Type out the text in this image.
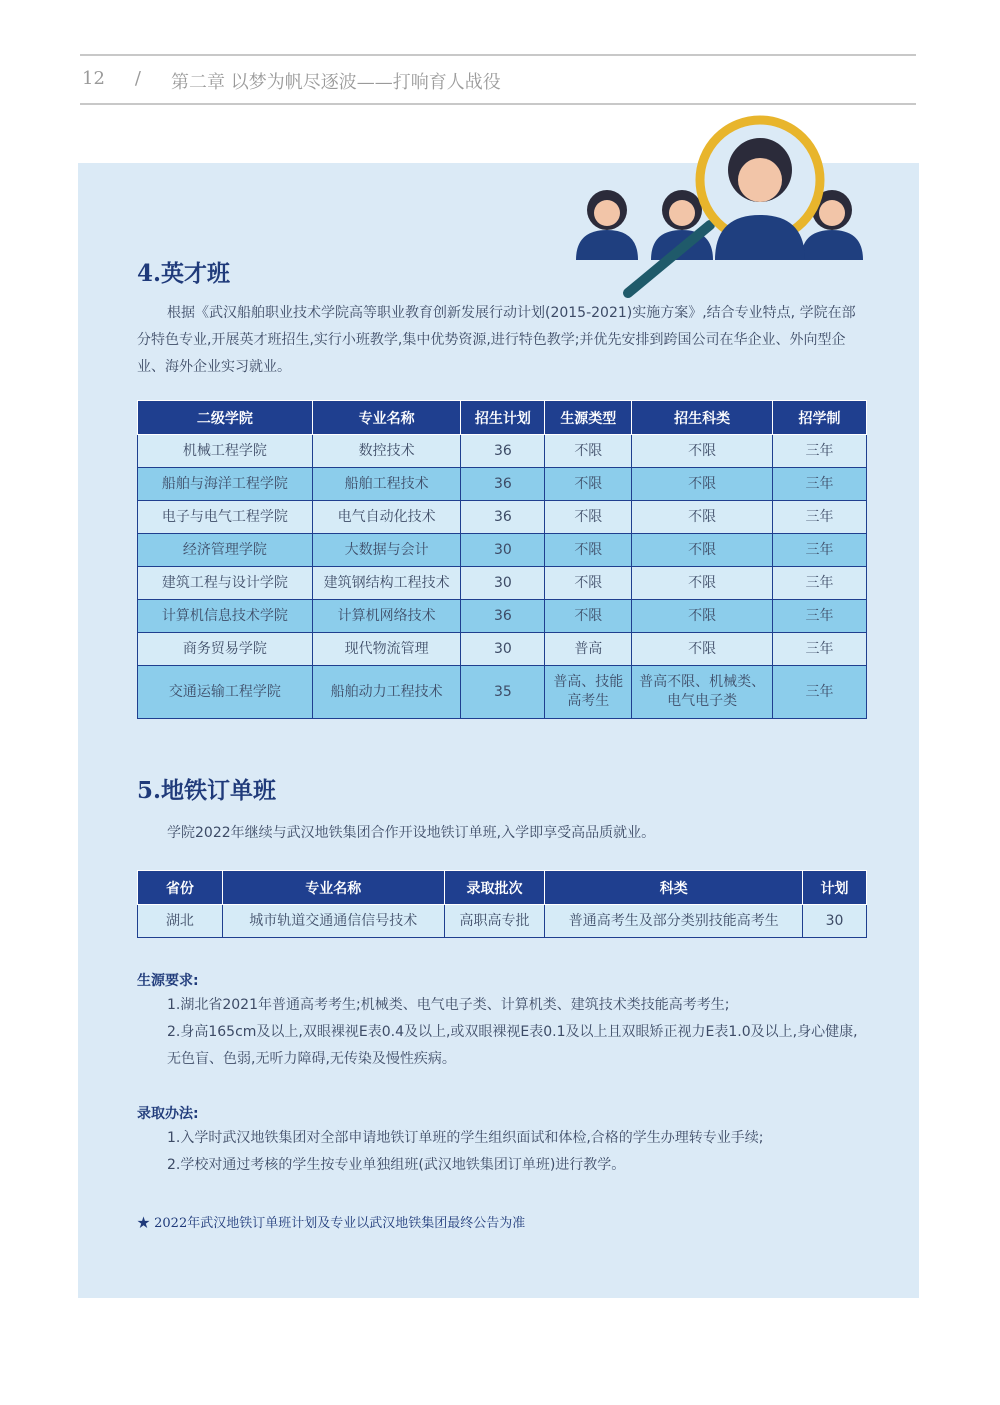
12 / 第二章 以梦为帆尽逐波——打响育人战役
4.英才班

根据《武汉船舶职业技术学院高等职业教育创新发展行动计划(2015-2021)实施方案》,结合专业特点, 学院在部分特色专业,开展英才班招生,实行小班教学,集中优势资源,进行特色教学;并优先安排到跨国公司在华企业、外向型企业、海外企业实习就业。

二级学院	专业名称	招生计划	生源类型	招生科类	招学制
机械工程学院	数控技术	36	不限	不限	三年
船舶与海洋工程学院	船舶工程技术	36	不限	不限	三年
电子与电气工程学院	电气自动化技术	36	不限	不限	三年
经济管理学院	大数据与会计	30	不限	不限	三年
建筑工程与设计学院	建筑钢结构工程技术	30	不限	不限	三年
计算机信息技术学院	计算机网络技术	36	不限	不限	三年
商务贸易学院	现代物流管理	30	普高	不限	三年
交通运输工程学院	船舶动力工程技术	35	普高、技能高考生	普高不限、机械类、电气电子类	三年
5.地铁订单班

学院2022年继续与武汉地铁集团合作开设地铁订单班,入学即享受高品质就业。

省份	专业名称	录取批次	科类	计划
湖北	城市轨道交通通信信号技术	高职高专批	普通高考生及部分类别技能高考生	30
生源要求:

1.湖北省2021年普通高考考生;机械类、电气电子类、计算机类、建筑技术类技能高考考生;

2.身高165cm及以上,双眼裸视E表0.4及以上,或双眼裸视E表0.1及以上且双眼矫正视力E表1.0及以上,身心健康,无色盲、色弱,无听力障碍,无传染及慢性疾病。

录取办法:

1.入学时武汉地铁集团对全部申请地铁订单班的学生组织面试和体检,合格的学生办理转专业手续;

2.学校对通过考核的学生按专业单独组班(武汉地铁集团订单班)进行教学。

★ 2022年武汉地铁订单班计划及专业以武汉地铁集团最终公告为准
